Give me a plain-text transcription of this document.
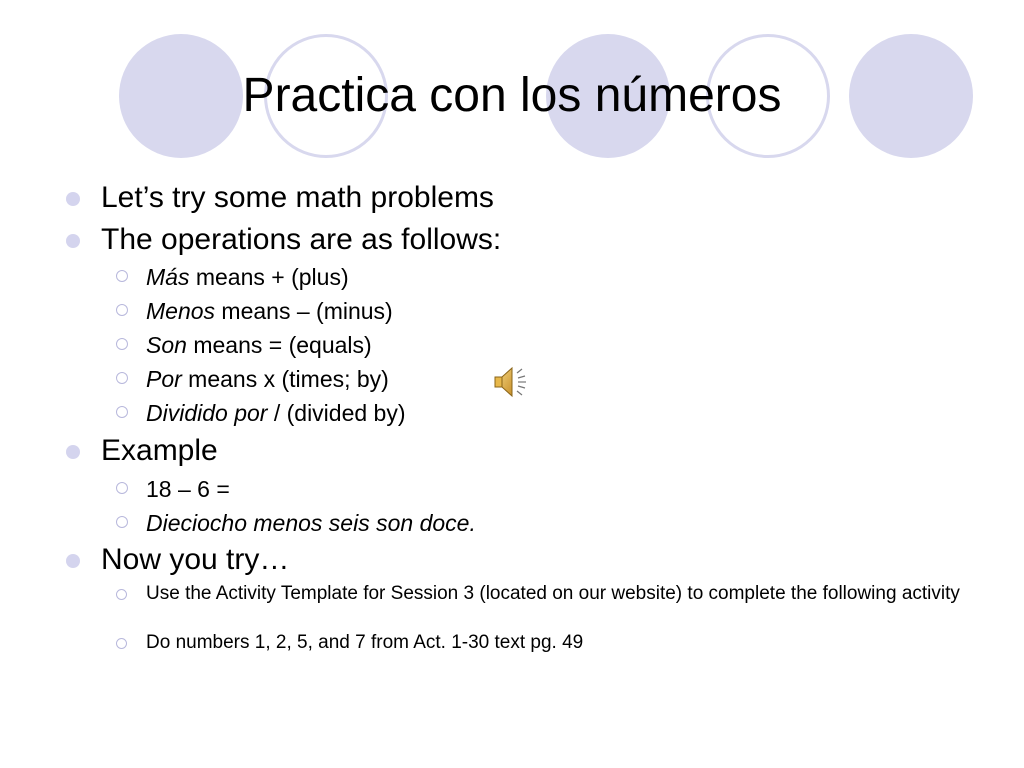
Practica con los números
Let’s try some math problems
The operations are as follows:
Más means + (plus)
Menos means – (minus)
Son means = (equals)
Por means x (times; by)
Dividido por / (divided by)
Example
18 – 6 =
Dieciocho menos seis son doce.
Now you try…
Use the Activity Template for Session 3 (located on our website) to complete the following activity
Do numbers 1, 2, 5, and 7 from Act. 1-30 text pg. 49
